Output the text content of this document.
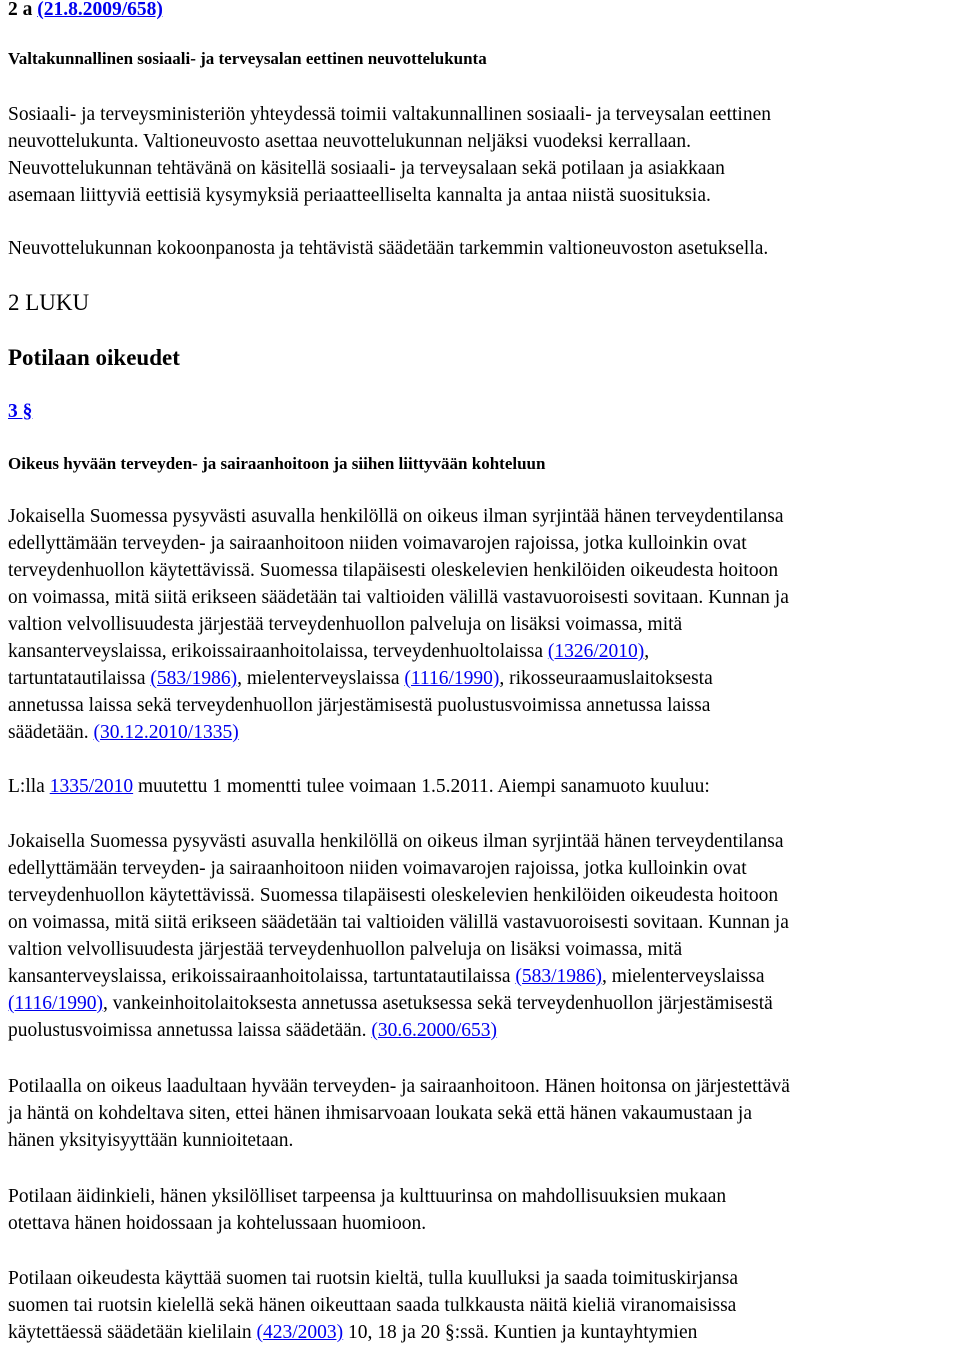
2 a (21.8.2009/658)
Valtakunnallinen sosiaali- ja terveysalan eettinen neuvottelukunta
Sosiaali- ja terveysministeriön yhteydessä toimii valtakunnallinen sosiaali- ja terveysalan eettinen
neuvottelukunta. Valtioneuvosto asettaa neuvottelukunnan neljäksi vuodeksi kerrallaan.
Neuvottelukunnan tehtävänä on käsitellä sosiaali- ja terveysalaan sekä potilaan ja asiakkaan
asemaan liittyviä eettisiä kysymyksiä periaatteelliselta kannalta ja antaa niistä suosituksia.
Neuvottelukunnan kokoonpanosta ja tehtävistä säädetään tarkemmin valtioneuvoston asetuksella.
2 LUKU
Potilaan oikeudet
3 §
Oikeus hyvään terveyden- ja sairaanhoitoon ja siihen liittyvään kohteluun
Jokaisella Suomessa pysyvästi asuvalla henkilöllä on oikeus ilman syrjintää hänen terveydentilansa
edellyttämään terveyden- ja sairaanhoitoon niiden voimavarojen rajoissa, jotka kulloinkin ovat
terveydenhuollon käytettävissä. Suomessa tilapäisesti oleskelevien henkilöiden oikeudesta hoitoon
on voimassa, mitä siitä erikseen säädetään tai valtioiden välillä vastavuoroisesti sovitaan. Kunnan ja
valtion velvollisuudesta järjestää terveydenhuollon palveluja on lisäksi voimassa, mitä
kansanterveyslaissa, erikoissairaanhoitolaissa, terveydenhuoltolaissa (1326/2010),
tartuntatautilaissa (583/1986), mielenterveyslaissa (1116/1990), rikosseuraamuslaitoksesta
annetussa laissa sekä terveydenhuollon järjestämisestä puolustusvoimissa annetussa laissa
säädetään. (30.12.2010/1335)
L:lla 1335/2010 muutettu 1 momentti tulee voimaan 1.5.2011. Aiempi sanamuoto kuuluu:
Jokaisella Suomessa pysyvästi asuvalla henkilöllä on oikeus ilman syrjintää hänen terveydentilansa
edellyttämään terveyden- ja sairaanhoitoon niiden voimavarojen rajoissa, jotka kulloinkin ovat
terveydenhuollon käytettävissä. Suomessa tilapäisesti oleskelevien henkilöiden oikeudesta hoitoon
on voimassa, mitä siitä erikseen säädetään tai valtioiden välillä vastavuoroisesti sovitaan. Kunnan ja
valtion velvollisuudesta järjestää terveydenhuollon palveluja on lisäksi voimassa, mitä
kansanterveyslaissa, erikoissairaanhoitolaissa, tartuntatautilaissa (583/1986), mielenterveyslaissa
(1116/1990), vankeinhoitolaitoksesta annetussa asetuksessa sekä terveydenhuollon järjestämisestä
puolustusvoimissa annetussa laissa säädetään. (30.6.2000/653)
Potilaalla on oikeus laadultaan hyvään terveyden- ja sairaanhoitoon. Hänen hoitonsa on järjestettävä
ja häntä on kohdeltava siten, ettei hänen ihmisarvoaan loukata sekä että hänen vakaumustaan ja
hänen yksityisyyttään kunnioitetaan.
Potilaan äidinkieli, hänen yksilölliset tarpeensa ja kulttuurinsa on mahdollisuuksien mukaan
otettava hänen hoidossaan ja kohtelussaan huomioon.
Potilaan oikeudesta käyttää suomen tai ruotsin kieltä, tulla kuulluksi ja saada toimituskirjansa
suomen tai ruotsin kielellä sekä hänen oikeuttaan saada tulkkausta näitä kieliä viranomaisissa
käytettäessä säädetään kielilain (423/2003) 10, 18 ja 20 §:ssä. Kuntien ja kuntayhtymien
